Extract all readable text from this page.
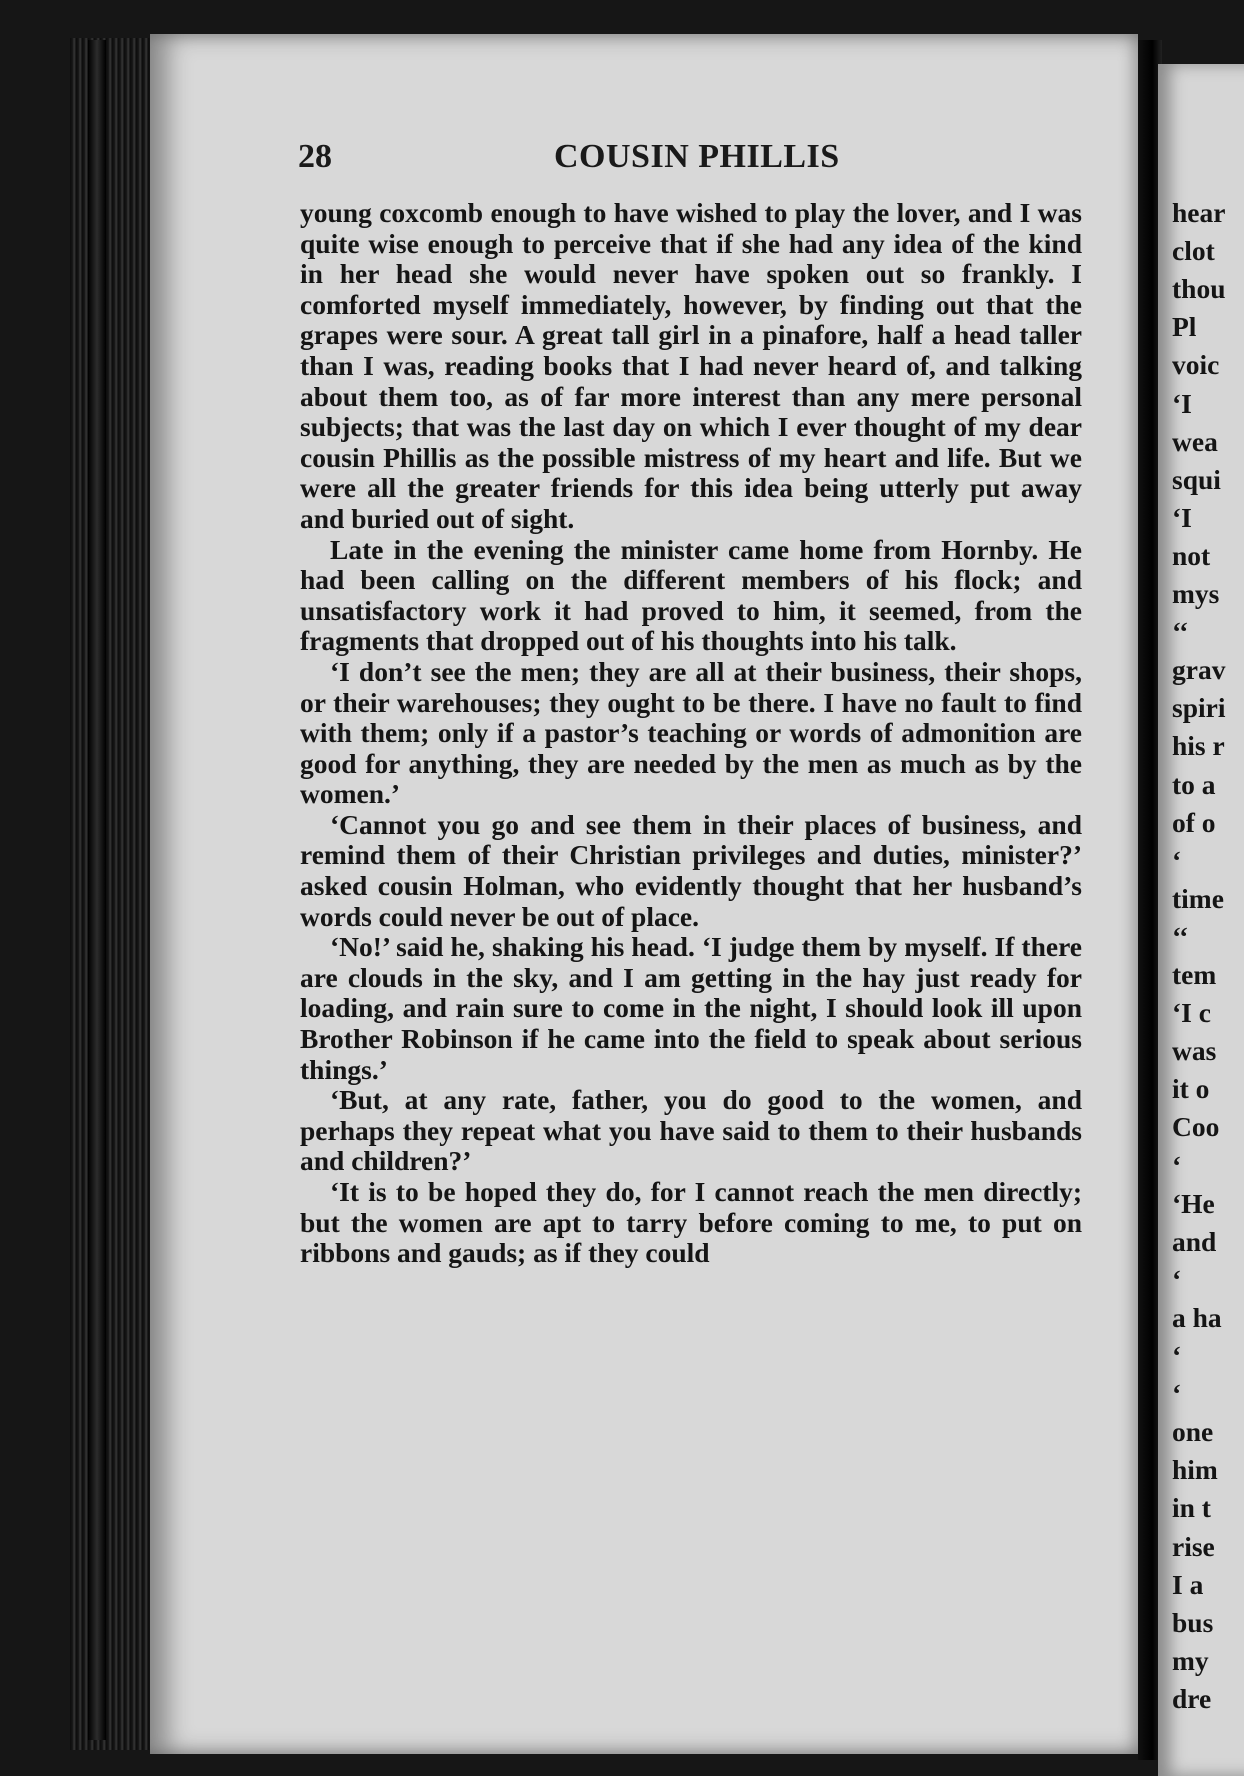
28	COUSIN PHILLIS

young coxcomb enough to have wished to play the lover, and I was quite wise enough to perceive that if she had any idea of the kind in her head she would never have spoken out so frankly. I comforted myself immediately, however, by finding out that the grapes were sour. A great tall girl in a pinafore, half a head taller than I was, reading books that I had never heard of, and talking about them too, as of far more interest than any mere personal subjects; that was the last day on which I ever thought of my dear cousin Phillis as the possible mistress of my heart and life. But we were all the greater friends for this idea being utterly put away and buried out of sight.

Late in the evening the minister came home from Hornby. He had been calling on the different members of his flock; and unsatisfactory work it had proved to him, it seemed, from the fragments that dropped out of his thoughts into his talk.

‘I don’t see the men; they are all at their business, their shops, or their warehouses; they ought to be there. I have no fault to find with them; only if a pastor’s teaching or words of admonition are good for anything, they are needed by the men as much as by the women.’

‘Cannot you go and see them in their places of business, and remind them of their Christian privileges and duties, minister?’ asked cousin Holman, who evidently thought that her husband’s words could never be out of place.

‘No!’ said he, shaking his head. ‘I judge them by myself. If there are clouds in the sky, and I am getting in the hay just ready for loading, and rain sure to come in the night, I should look ill upon Brother Robinson if he came into the field to speak about serious things.’

‘But, at any rate, father, you do good to the women, and perhaps they repeat what you have said to them to their husbands and children?’

‘It is to be hoped they do, for I cannot reach the men directly; but the women are apt to tarry before coming to me, to put on ribbons and gauds; as if they could

hear
clot
thou
Pl
voic
‘I
wea
squi
‘I
not
mys
‘‘
grav
spiri
his r
to a
of o
‘
time
‘‘
tem
‘I c
was
it o
Coo
‘
‘He
and
‘
a ha
‘
‘
one
him
in t
rise
I a
bus
my
dre
